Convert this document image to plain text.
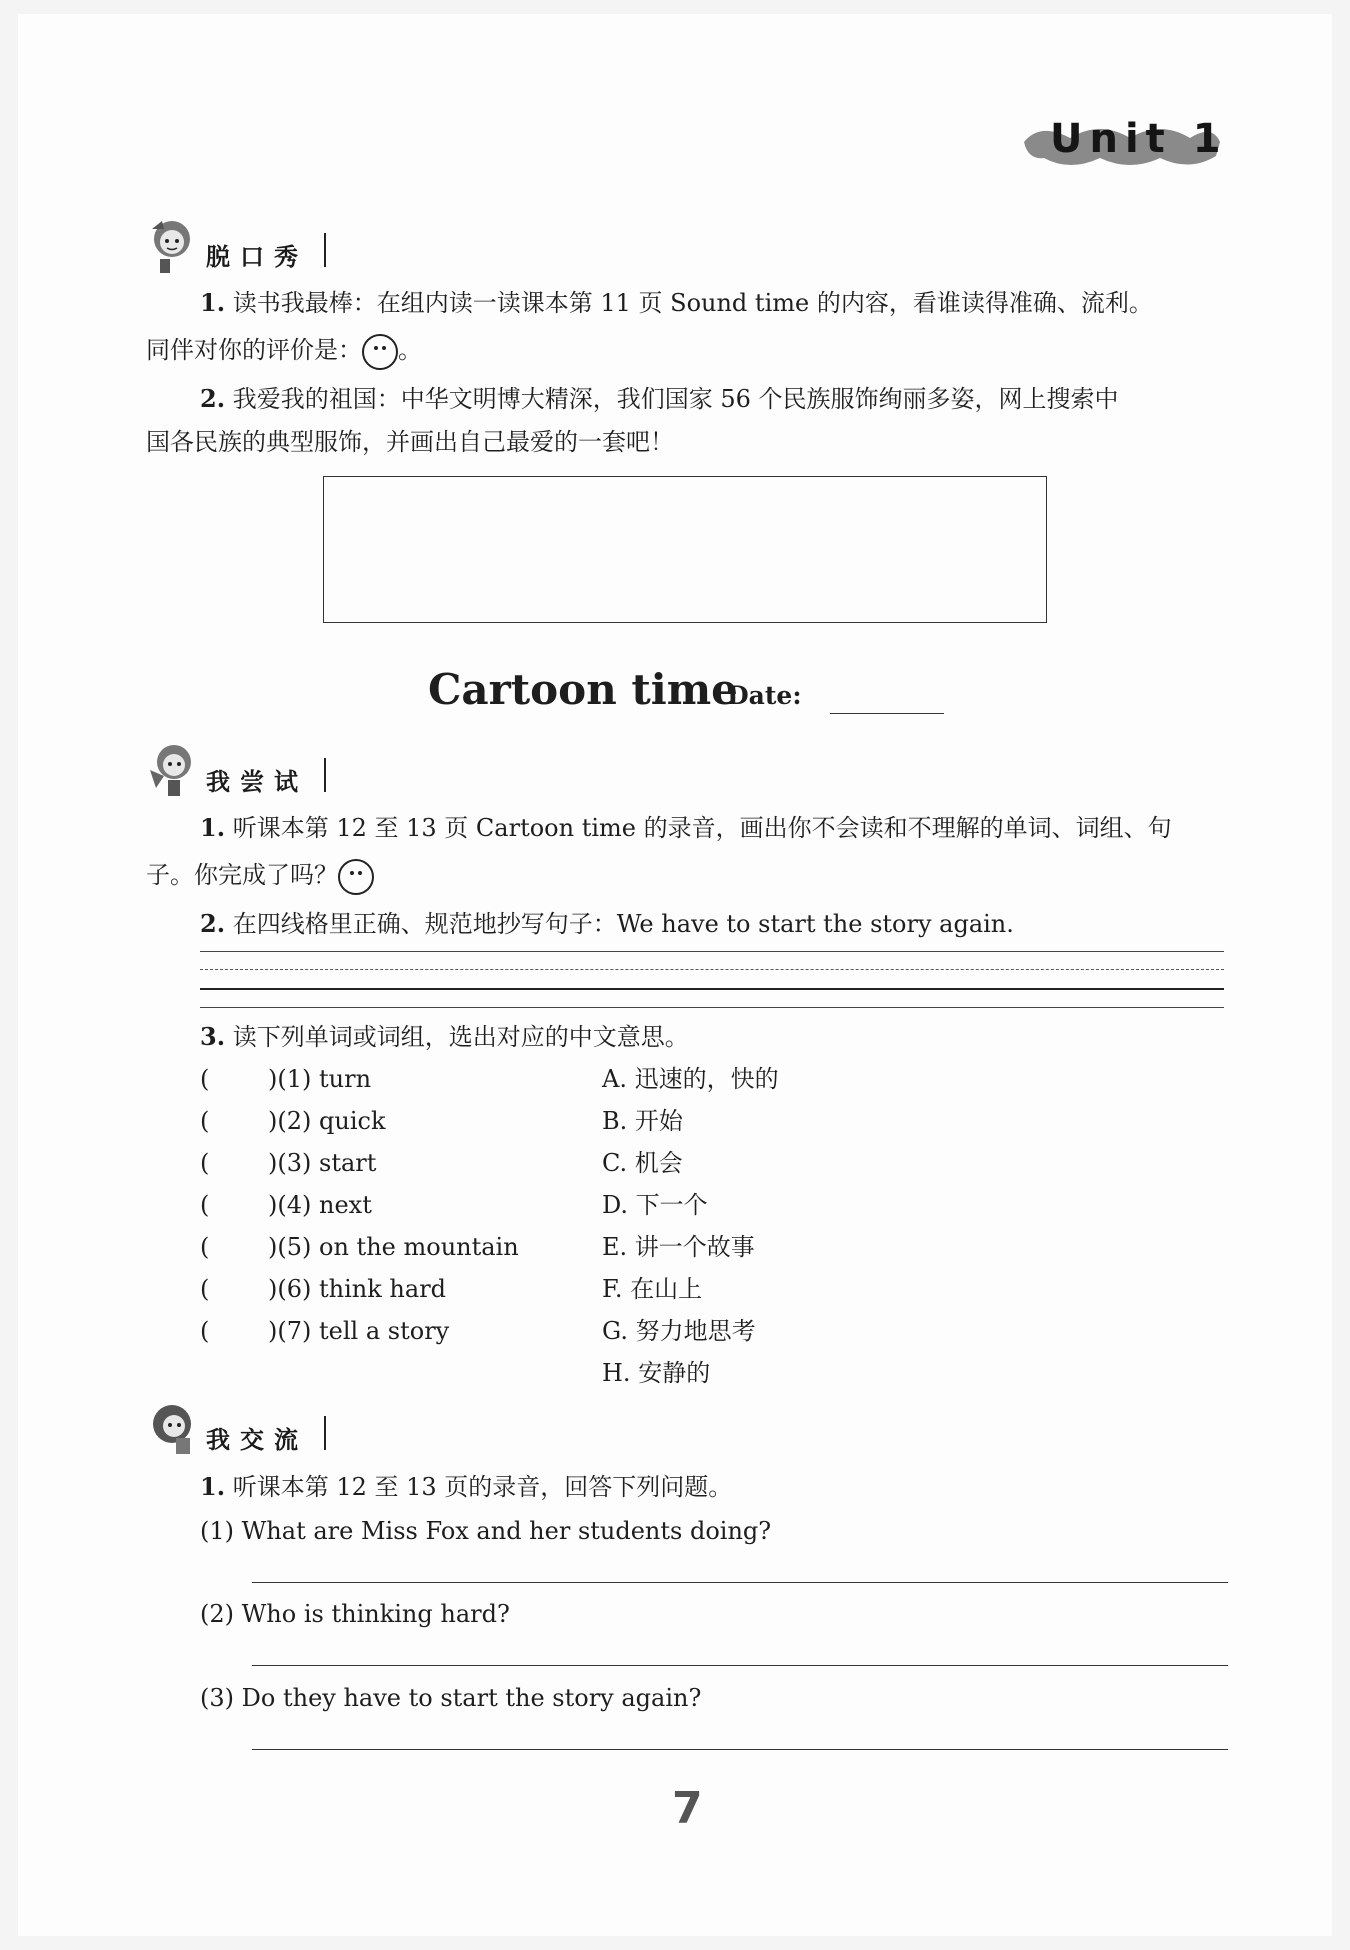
Unit 1
脱口秀
1. 读书我最棒：在组内读一读课本第 11 页 Sound time 的内容，看谁读得准确、流利。
同伴对你的评价是： 。
2. 我爱我的祖国：中华文明博大精深，我们国家 56 个民族服饰绚丽多姿，网上搜索中
国各民族的典型服饰，并画出自己最爱的一套吧！
Cartoon time
Date:
我尝试
1. 听课本第 12 至 13 页 Cartoon time 的录音，画出你不会读和不理解的单词、词组、句
子。你完成了吗？
2. 在四线格里正确、规范地抄写句子：We have to start the story again.
3. 读下列单词或词组，选出对应的中文意思。
( )(1) turn
( )(2) quick
( )(3) start
( )(4) next
( )(5) on the mountain
( )(6) think hard
( )(7) tell a story
A. 迅速的，快的
B. 开始
C. 机会
D. 下一个
E. 讲一个故事
F. 在山上
G. 努力地思考
H. 安静的
我交流
1. 听课本第 12 至 13 页的录音，回答下列问题。
(1) What are Miss Fox and her students doing?
(2) Who is thinking hard?
(3) Do they have to start the story again?
7
